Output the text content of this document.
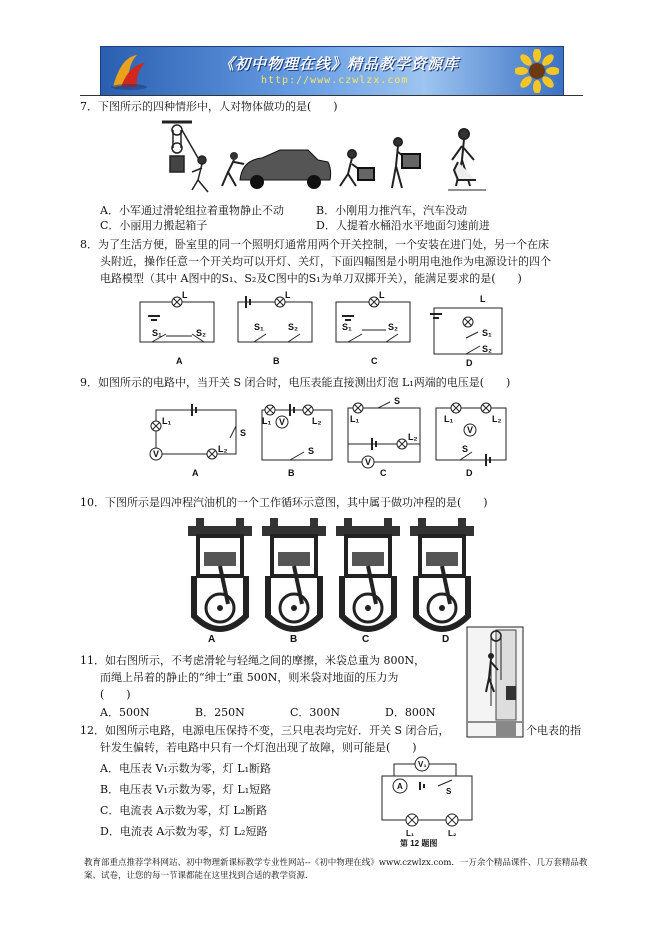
《初中物理在线》精品教学资源库
http://www.czwlzx.com
7．下图所示的四种情形中，人对物体做功的是(　　)
A．小军通过滑轮组拉着重物静止不动	B．小刚用力推汽车，汽车没动
C．小丽用力搬起箱子	D．人提着水桶沿水平地面匀速前进
8．为了生活方便，卧室里的同一个照明灯通常用两个开关控制，一个安装在进门处，另一个在床
头附近，操作任意一个开关均可以开灯、关灯，下面四幅图是小明用电池作为电源设计的四个
电路模型（其中 A图中的S₁、S₂及C图中的S₁为单刀双掷开关），能满足要求的是(　　)
L
S₁	S₂
L
S₁	S₂
L
S₁	S₂
L
S₁
S₂
A	B	C	D
9．如图所示的电路中，当开关 S 闭合时，电压表能直接测出灯泡 L₁两端的电压是(　　)
L₁
L₂
V
S
L₁	L₂
V
S
L₁
L₂
V
S
L₁	L₂
V
S
A	B	C	D
10．下图所示是四冲程汽油机的一个工作循环示意图，其中属于做功冲程的是(　　)
A	B	C	D
11．如右图所示，不考虑滑轮与轻绳之间的摩擦，米袋总重为 800N，
而绳上吊着的静止的“绅士”重 500N，则米袋对地面的压力为
(　　)
A．500N	B．250N	C．300N	D．800N
12．如图所示电路，电源电压保持不变，三只电表均完好．开关 S 闭合后，	个电表的指
针发生偏转，若电路中只有一个灯泡出现了故障，则可能是(　　)
A．电压表 V₁示数为零，灯 L₁断路
B．电压表 V₁示数为零，灯 L₁短路
C．电流表 A示数为零，灯 L₂断路
D．电流表 A示数为零，灯 L₂短路
V₁
A
S
L₁	L₂
第 12 题图
教育部重点推荐学科网站、初中物理新课标教学专业性网站--《初中物理在线》www.czwlzx.com．一万余个精品课件、几万套精品教案、试卷，让您的每一节课都能在这里找到合适的教学资源．
